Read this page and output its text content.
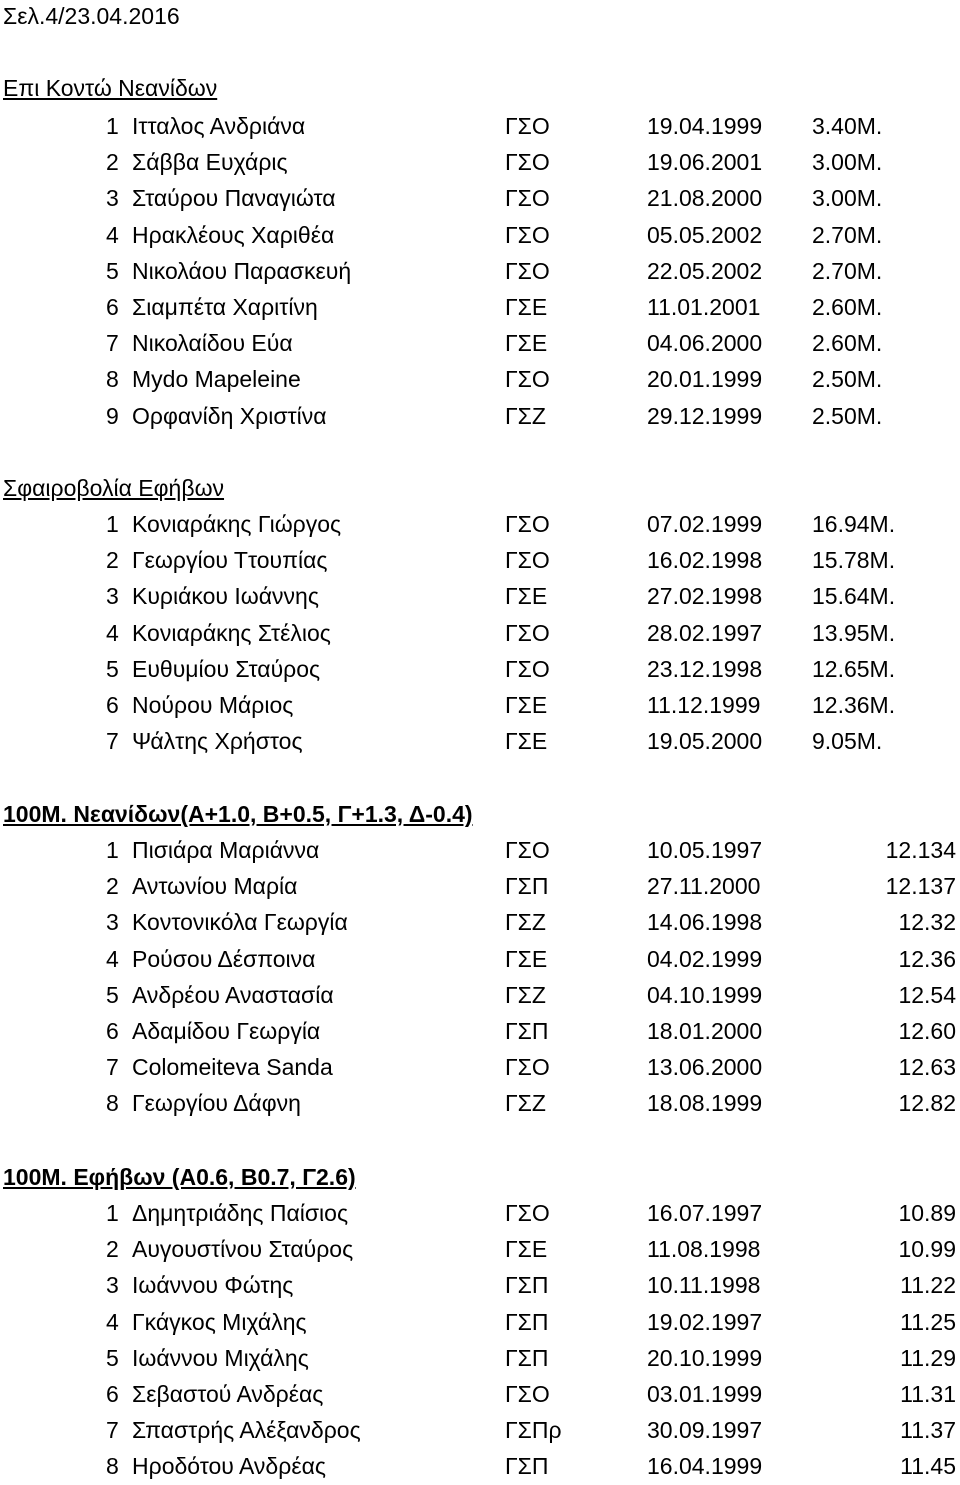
Σελ.4/23.04.2016
Επι Κοντώ Νεανίδων
1 Ιτταλος Ανδριάνα	ΓΣΟ	19.04.1999 3.40Μ.
2 Σάββα Ευχάρις	ΓΣΟ	19.06.2001 3.00Μ.
3 Σταύρου Παναγιώτα	ΓΣΟ	21.08.2000 3.00Μ.
4 Ηρακλέους Χαριθέα	ΓΣΟ	05.05.2002 2.70Μ.
5 Νικολάου Παρασκευή	ΓΣΟ	22.05.2002 2.70Μ.
6 Σιαμπέτα Χαριτίνη	ΓΣΕ	11.01.2001 2.60Μ.
7 Νικολαίδου Εύα	ΓΣΕ	04.06.2000 2.60Μ.
8 Mydo Mapeleine	ΓΣΟ	20.01.1999 2.50Μ.
9 Ορφανίδη Χριστίνα	ΓΣΖ	29.12.1999 2.50Μ.
Σφαιροβολία Εφήβων
1 Κονιαράκης Γιώργος	ΓΣΟ	07.02.1999 16.94Μ.
2 Γεωργίου Ττουπίας	ΓΣΟ	16.02.1998 15.78Μ.
3 Κυριάκου Ιωάννης	ΓΣΕ	27.02.1998 15.64Μ.
4 Κονιαράκης Στέλιος	ΓΣΟ	28.02.1997 13.95Μ.
5 Ευθυμίου Σταύρος	ΓΣΟ	23.12.1998 12.65Μ.
6 Νούρου Μάριος	ΓΣΕ	11.12.1999 12.36Μ.
7 Ψάλτης Χρήστος	ΓΣΕ	19.05.2000 9.05Μ.
100Μ. Νεανίδων(Α+1.0, Β+0.5, Γ+1.3, Δ-0.4)
1 Πισιάρα Μαριάννα	ΓΣΟ	10.05.1997	12.134
2 Αντωνίου Μαρία	ΓΣΠ	27.11.2000	12.137
3 Κοντονικόλα Γεωργία	ΓΣΖ	14.06.1998	12.32
4 Ρούσου Δέσποινα	ΓΣΕ	04.02.1999	12.36
5 Ανδρέου Αναστασία	ΓΣΖ	04.10.1999	12.54
6 Αδαμίδου Γεωργία	ΓΣΠ	18.01.2000	12.60
7 Colomeiteva Sanda	ΓΣΟ	13.06.2000	12.63
8 Γεωργίου Δάφνη	ΓΣΖ	18.08.1999	12.82
100Μ. Εφήβων (Α0.6, Β0.7, Γ2.6)
1 Δημητριάδης Παίσιος	ΓΣΟ	16.07.1997	10.89
2 Αυγουστίνου Σταύρος	ΓΣΕ	11.08.1998	10.99
3 Ιωάννου Φώτης	ΓΣΠ	10.11.1998	11.22
4 Γκάγκος Μιχάλης	ΓΣΠ	19.02.1997	11.25
5 Ιωάννου Μιχάλης	ΓΣΠ	20.10.1999	11.29
6 Σεβαστού Ανδρέας	ΓΣΟ	03.01.1999	11.31
7 Σπαστρής Αλέξανδρος	ΓΣΠρ	30.09.1997	11.37
8 Ηροδότου Ανδρέας	ΓΣΠ	16.04.1999	11.45
